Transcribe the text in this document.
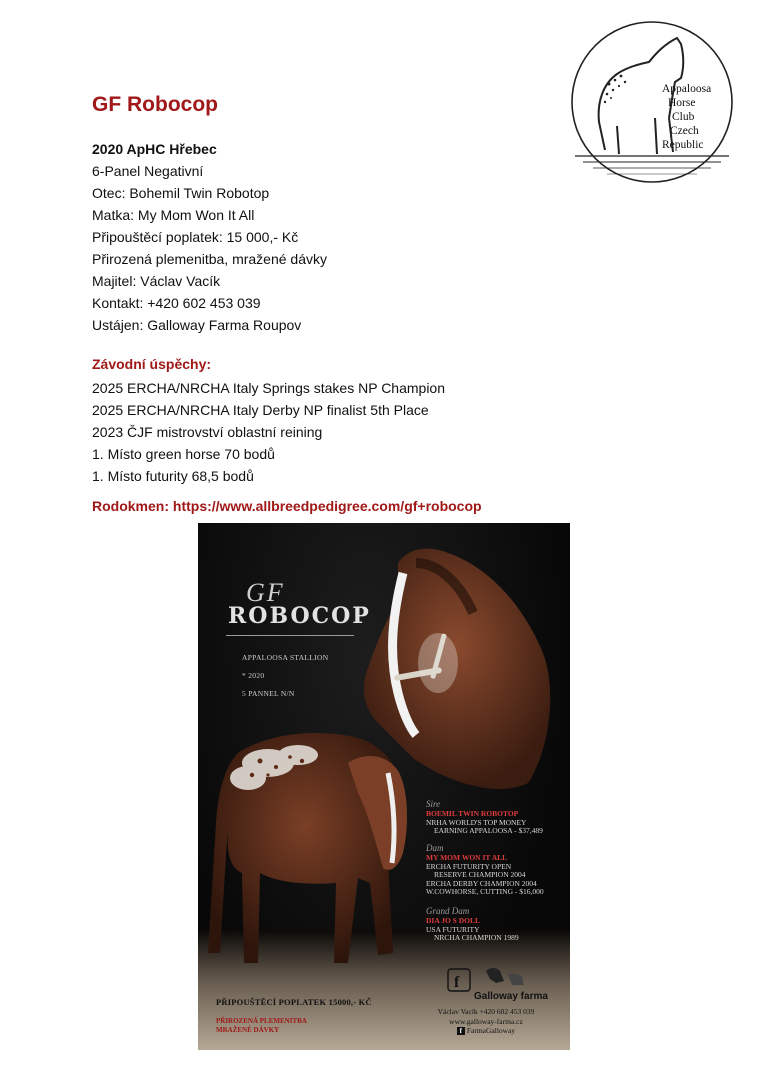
GF Robocop
2020 ApHC Hřebec
6-Panel Negativní
Otec: Bohemil Twin Robotop
Matka: My Mom Won It All
Připouštěcí poplatek: 15 000,- Kč
Přirozená plemenitba, mražené dávky
Majitel: Václav Vacík
Kontakt: +420 602 453 039
Ustájen: Galloway Farma Roupov
Závodní úspěchy:
2025 ERCHA/NRCHA Italy Springs stakes NP Champion
2025 ERCHA/NRCHA Italy Derby NP finalist 5th Place
2023 ČJF mistrovství oblastní reining
1. Místo green horse 70 bodů
1. Místo futurity 68,5 bodů
Rodokmen: https://www.allbreedpedigree.com/gf+robocop
Appaloosa
Horse
Club
Czech
Republic
GF
ROBOCOP
APPALOOSA STALLION
* 2020
5 PANNEL N/N
Sire
BOEMIL TWIN ROBOTOP
NRHA WORLD'S TOP MONEY
EARNING APPALOOSA - $37,489
Dam
MY MOM WON IT ALL
ERCHA FUTURITY OPEN
RESERVE CHAMPION 2004
ERCHA DERBY CHAMPION 2004
W.COWHORSE, CUTTING - $16,000
Grand Dam
DIA JO S DOLL
USA FUTURITY
NRCHA CHAMPION 1989
f
Galloway farma
PŘIPOUŠTĚCÍ POPLATEK 15000,- KČ
PŘIROZENÁ PLEMENITBA
MRAŽENÉ DÁVKY
Václav Vacík +420 602 453 039
www.galloway-farma.cz
f FarmaGalloway
